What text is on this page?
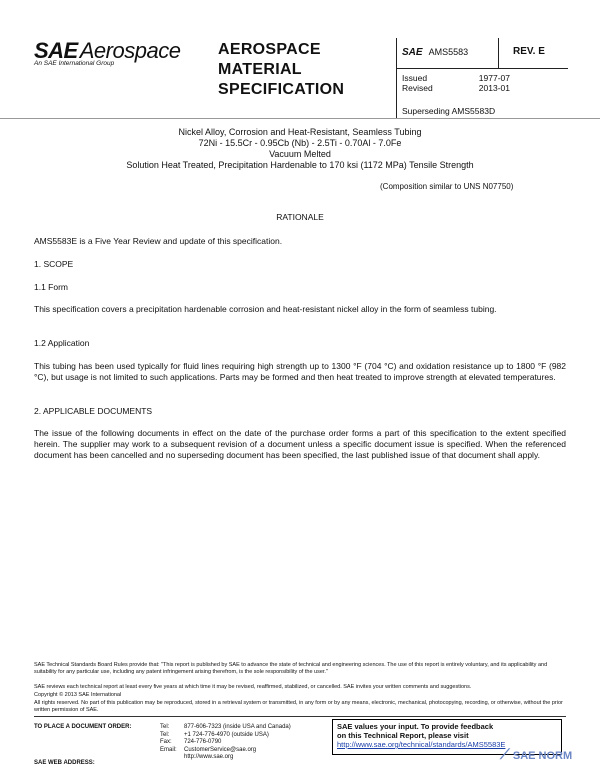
SAEAerospace
An SAE International Group
AEROSPACE
MATERIAL
SPECIFICATION
SAE AMS5583	REV. E
Issued	1977-07
Revised	2013-01
Superseding AMS5583D
Nickel Alloy, Corrosion and Heat-Resistant, Seamless Tubing
72Ni - 15.5Cr - 0.95Cb (Nb) - 2.5Ti - 0.70Al - 7.0Fe
Vacuum Melted
Solution Heat Treated, Precipitation Hardenable to 170 ksi (1172 MPa) Tensile Strength
(Composition similar to UNS N07750)
RATIONALE
AMS5583E is a Five Year Review and update of this specification.
1. SCOPE
1.1 Form
This specification covers a precipitation hardenable corrosion and heat-resistant nickel alloy in the form of seamless tubing.
1.2 Application
This tubing has been used typically for fluid lines requiring high strength up to 1300 °F (704 °C) and oxidation resistance up to 1800 °F (982 °C), but usage is not limited to such applications. Parts may be formed and then heat treated to improve strength at elevated temperatures.
2. APPLICABLE DOCUMENTS
The issue of the following documents in effect on the date of the purchase order forms a part of this specification to the extent specified herein. The supplier may work to a subsequent revision of a document unless a specific document issue is specified. When the referenced document has been cancelled and no superseding document has been specified, the last published issue of that document shall apply.
SAE Technical Standards Board Rules provide that: "This report is published by SAE to advance the state of technical and engineering sciences. The use of this report is entirely voluntary, and its applicability and suitability for any particular use, including any patent infringement arising therefrom, is the sole responsibility of the user."
SAE reviews each technical report at least every five years at which time it may be revised, reaffirmed, stabilized, or cancelled. SAE invites your written comments and suggestions.
Copyright © 2013 SAE International
All rights reserved. No part of this publication may be reproduced, stored in a retrieval system or transmitted, in any form or by any means, electronic, mechanical, photocopying, recording, or otherwise, without the prior written permission of SAE.
TO PLACE A DOCUMENT ORDER:
SAE WEB ADDRESS:
Tel: 877-606-7323 (inside USA and Canada)
Tel: +1 724-776-4970 (outside USA)
Fax: 724-776-0790
Email: CustomerService@sae.org
http://www.sae.org
SAE values your input. To provide feedback
on this Technical Report, please visit
http://www.sae.org/technical/standards/AMS5583E
⟋ SAE NORM
